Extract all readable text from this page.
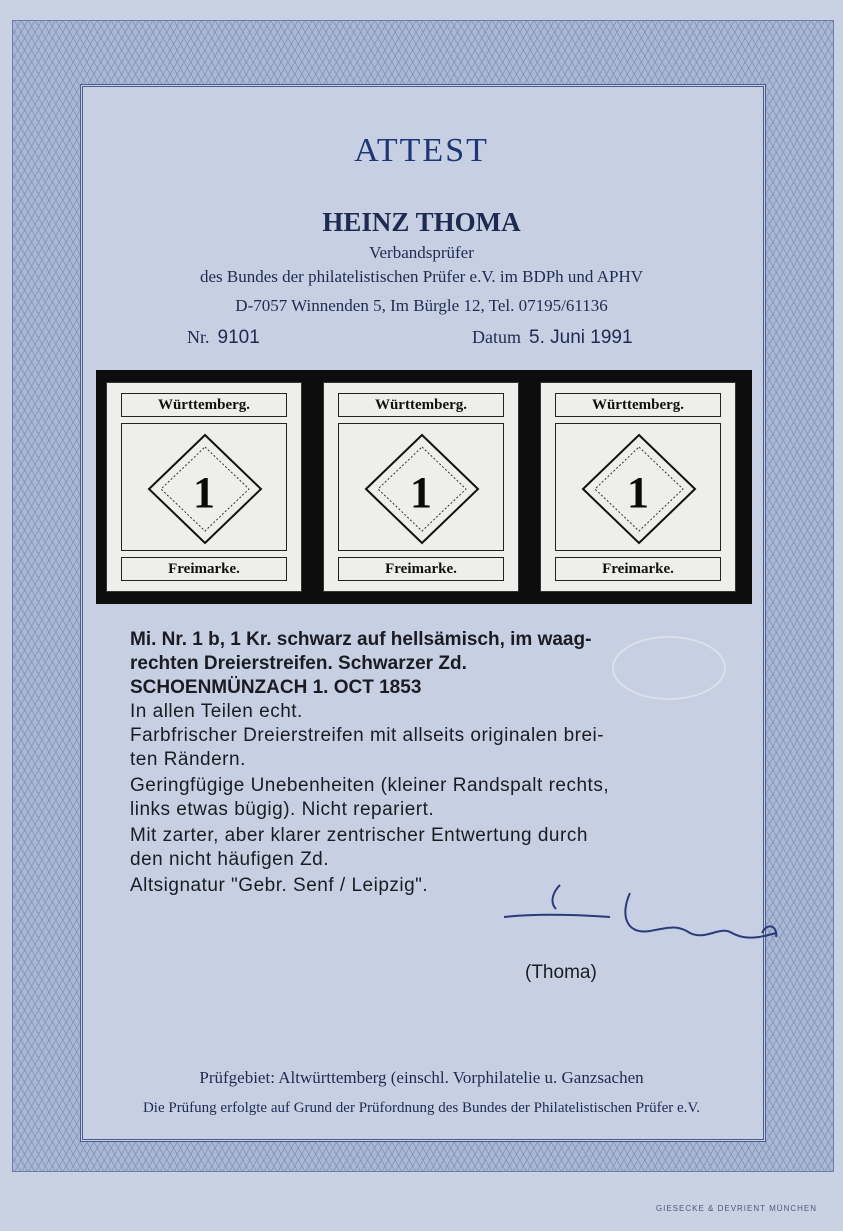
ATTEST
HEINZ THOMA
Verbandsprüfer
des Bundes der philatelistischen Prüfer e.V. im BDPh und APHV
D-7057 Winnenden 5, Im Bürgle 12, Tel. 07195/61136
Nr. 9101	Datum 5. Juni 1991
Württemberg.
1
Freimarke.
Württemberg.
1
Freimarke.
Württemberg.
1
Freimarke.
Mi. Nr. 1 b, 1 Kr. schwarz auf hellsämisch, im waag-
rechten Dreierstreifen. Schwarzer Zd.
SCHOENMÜNZACH 1. OCT 1853
In allen Teilen echt.
Farbfrischer Dreierstreifen mit allseits originalen brei-
ten Rändern.
Geringfügige Unebenheiten (kleiner Randspalt rechts,
links etwas bügig). Nicht repariert.
Mit zarter, aber klarer zentrischer Entwertung durch
den nicht häufigen Zd.
Altsignatur "Gebr. Senf / Leipzig".
(Thoma)
Prüfgebiet: Altwürttemberg (einschl. Vorphilatelie u. Ganzsachen
Die Prüfung erfolgte auf Grund der Prüfordnung des Bundes der Philatelistischen Prüfer e.V.
GIESECKE & DEVRIENT MÜNCHEN
